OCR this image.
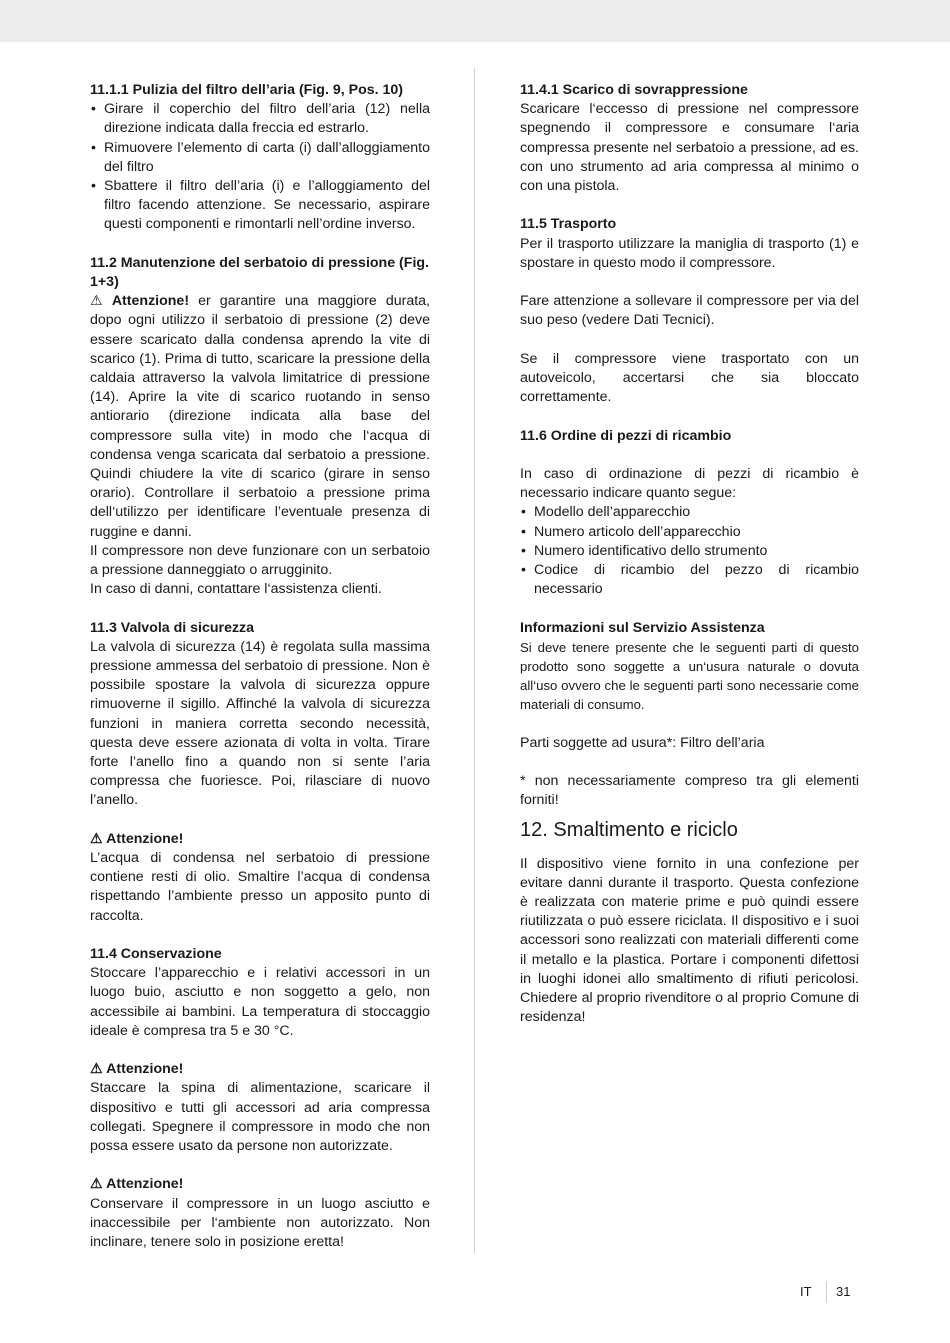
11.1.1 Pulizia del filtro dell’aria (Fig. 9, Pos. 10)

• Girare il coperchio del filtro dell’aria (12) nella direzione indicata dalla freccia ed estrarlo.
• Rimuovere l’elemento di carta (i) dall’alloggiamento del filtro
• Sbattere il filtro dell’aria (i) e l’alloggiamento del filtro facendo attenzione. Se necessario, aspirare questi componenti e rimontarli nell’ordine inverso.

11.2 Manutenzione del serbatoio di pressione (Fig. 1+3)

⚠ Attenzione! er garantire una maggiore durata, dopo ogni utilizzo il serbatoio di pressione (2) deve essere scaricato dalla condensa aprendo la vite di scarico (1). Prima di tutto, scaricare la pressione della caldaia attraverso la valvola limitatrice di pressione (14). Aprire la vite di scarico ruotando in senso antiorario (direzione indicata alla base del compressore sulla vite) in modo che l‘acqua di condensa venga scaricata dal serbatoio a pressione. Quindi chiudere la vite di scarico (girare in senso orario). Controllare il serbatoio a pressione prima dell‘utilizzo per identificare l’eventuale presenza di ruggine e danni.

Il compressore non deve funzionare con un serbatoio a pressione danneggiato o arrugginito.

In caso di danni, contattare l‘assistenza clienti.

11.3 Valvola di sicurezza

La valvola di sicurezza (14) è regolata sulla massima pressione ammessa del serbatoio di pressione. Non è possibile spostare la valvola di sicurezza oppure rimuoverne il sigillo. Affinché la valvola di sicurezza funzioni in maniera corretta secondo necessità, questa deve essere azionata di volta in volta. Tirare forte l’anello fino a quando non si sente l’aria compressa che fuoriesce. Poi, rilasciare di nuovo l’anello.

⚠ Attenzione!

L’acqua di condensa nel serbatoio di pressione contiene resti di olio. Smaltire l’acqua di condensa rispettando l’ambiente presso un apposito punto di raccolta.

11.4 Conservazione

Stoccare l’apparecchio e i relativi accessori in un luogo buio, asciutto e non soggetto a gelo, non accessibile ai bambini. La temperatura di stoccaggio ideale è compresa tra 5 e 30 °C.

⚠ Attenzione!

Staccare la spina di alimentazione, scaricare il dispositivo e tutti gli accessori ad aria compressa collegati. Spegnere il compressore in modo che non possa essere usato da persone non autorizzate.

⚠ Attenzione!

Conservare il compressore in un luogo asciutto e inaccessibile per l‘ambiente non autorizzato. Non inclinare, tenere solo in posizione eretta!

11.4.1 Scarico di sovrappressione

Scaricare l‘eccesso di pressione nel compressore spegnendo il compressore e consumare l‘aria compressa presente nel serbatoio a pressione, ad es. con uno strumento ad aria compressa al minimo o con una pistola.

11.5 Trasporto

Per il trasporto utilizzare la maniglia di trasporto (1) e spostare in questo modo il compressore.

Fare attenzione a sollevare il compressore per via del suo peso (vedere Dati Tecnici).

Se il compressore viene trasportato con un autoveicolo, accertarsi che sia bloccato correttamente.

11.6 Ordine di pezzi di ricambio

In caso di ordinazione di pezzi di ricambio è necessario indicare quanto segue:

• Modello dell’apparecchio
• Numero articolo dell’apparecchio
• Numero identificativo dello strumento
• Codice di ricambio del pezzo di ricambio necessario

Informazioni sul Servizio Assistenza

Si deve tenere presente che le seguenti parti di questo prodotto sono soggette a un‘usura naturale o dovuta all‘uso ovvero che le seguenti parti sono necessarie come materiali di consumo.

Parti soggette ad usura*: Filtro dell’aria

* non necessariamente compreso tra gli elementi forniti!

12. Smaltimento e riciclo

Il dispositivo viene fornito in una confezione per evitare danni durante il trasporto. Questa confezione è realizzata con materie prime e può quindi essere riutilizzata o può essere riciclata. Il dispositivo e i suoi accessori sono realizzati con materiali differenti come il metallo e la plastica. Portare i componenti difettosi in luoghi idonei allo smaltimento di rifiuti pericolosi. Chiedere al proprio rivenditore o al proprio Comune di residenza!

IT 31
